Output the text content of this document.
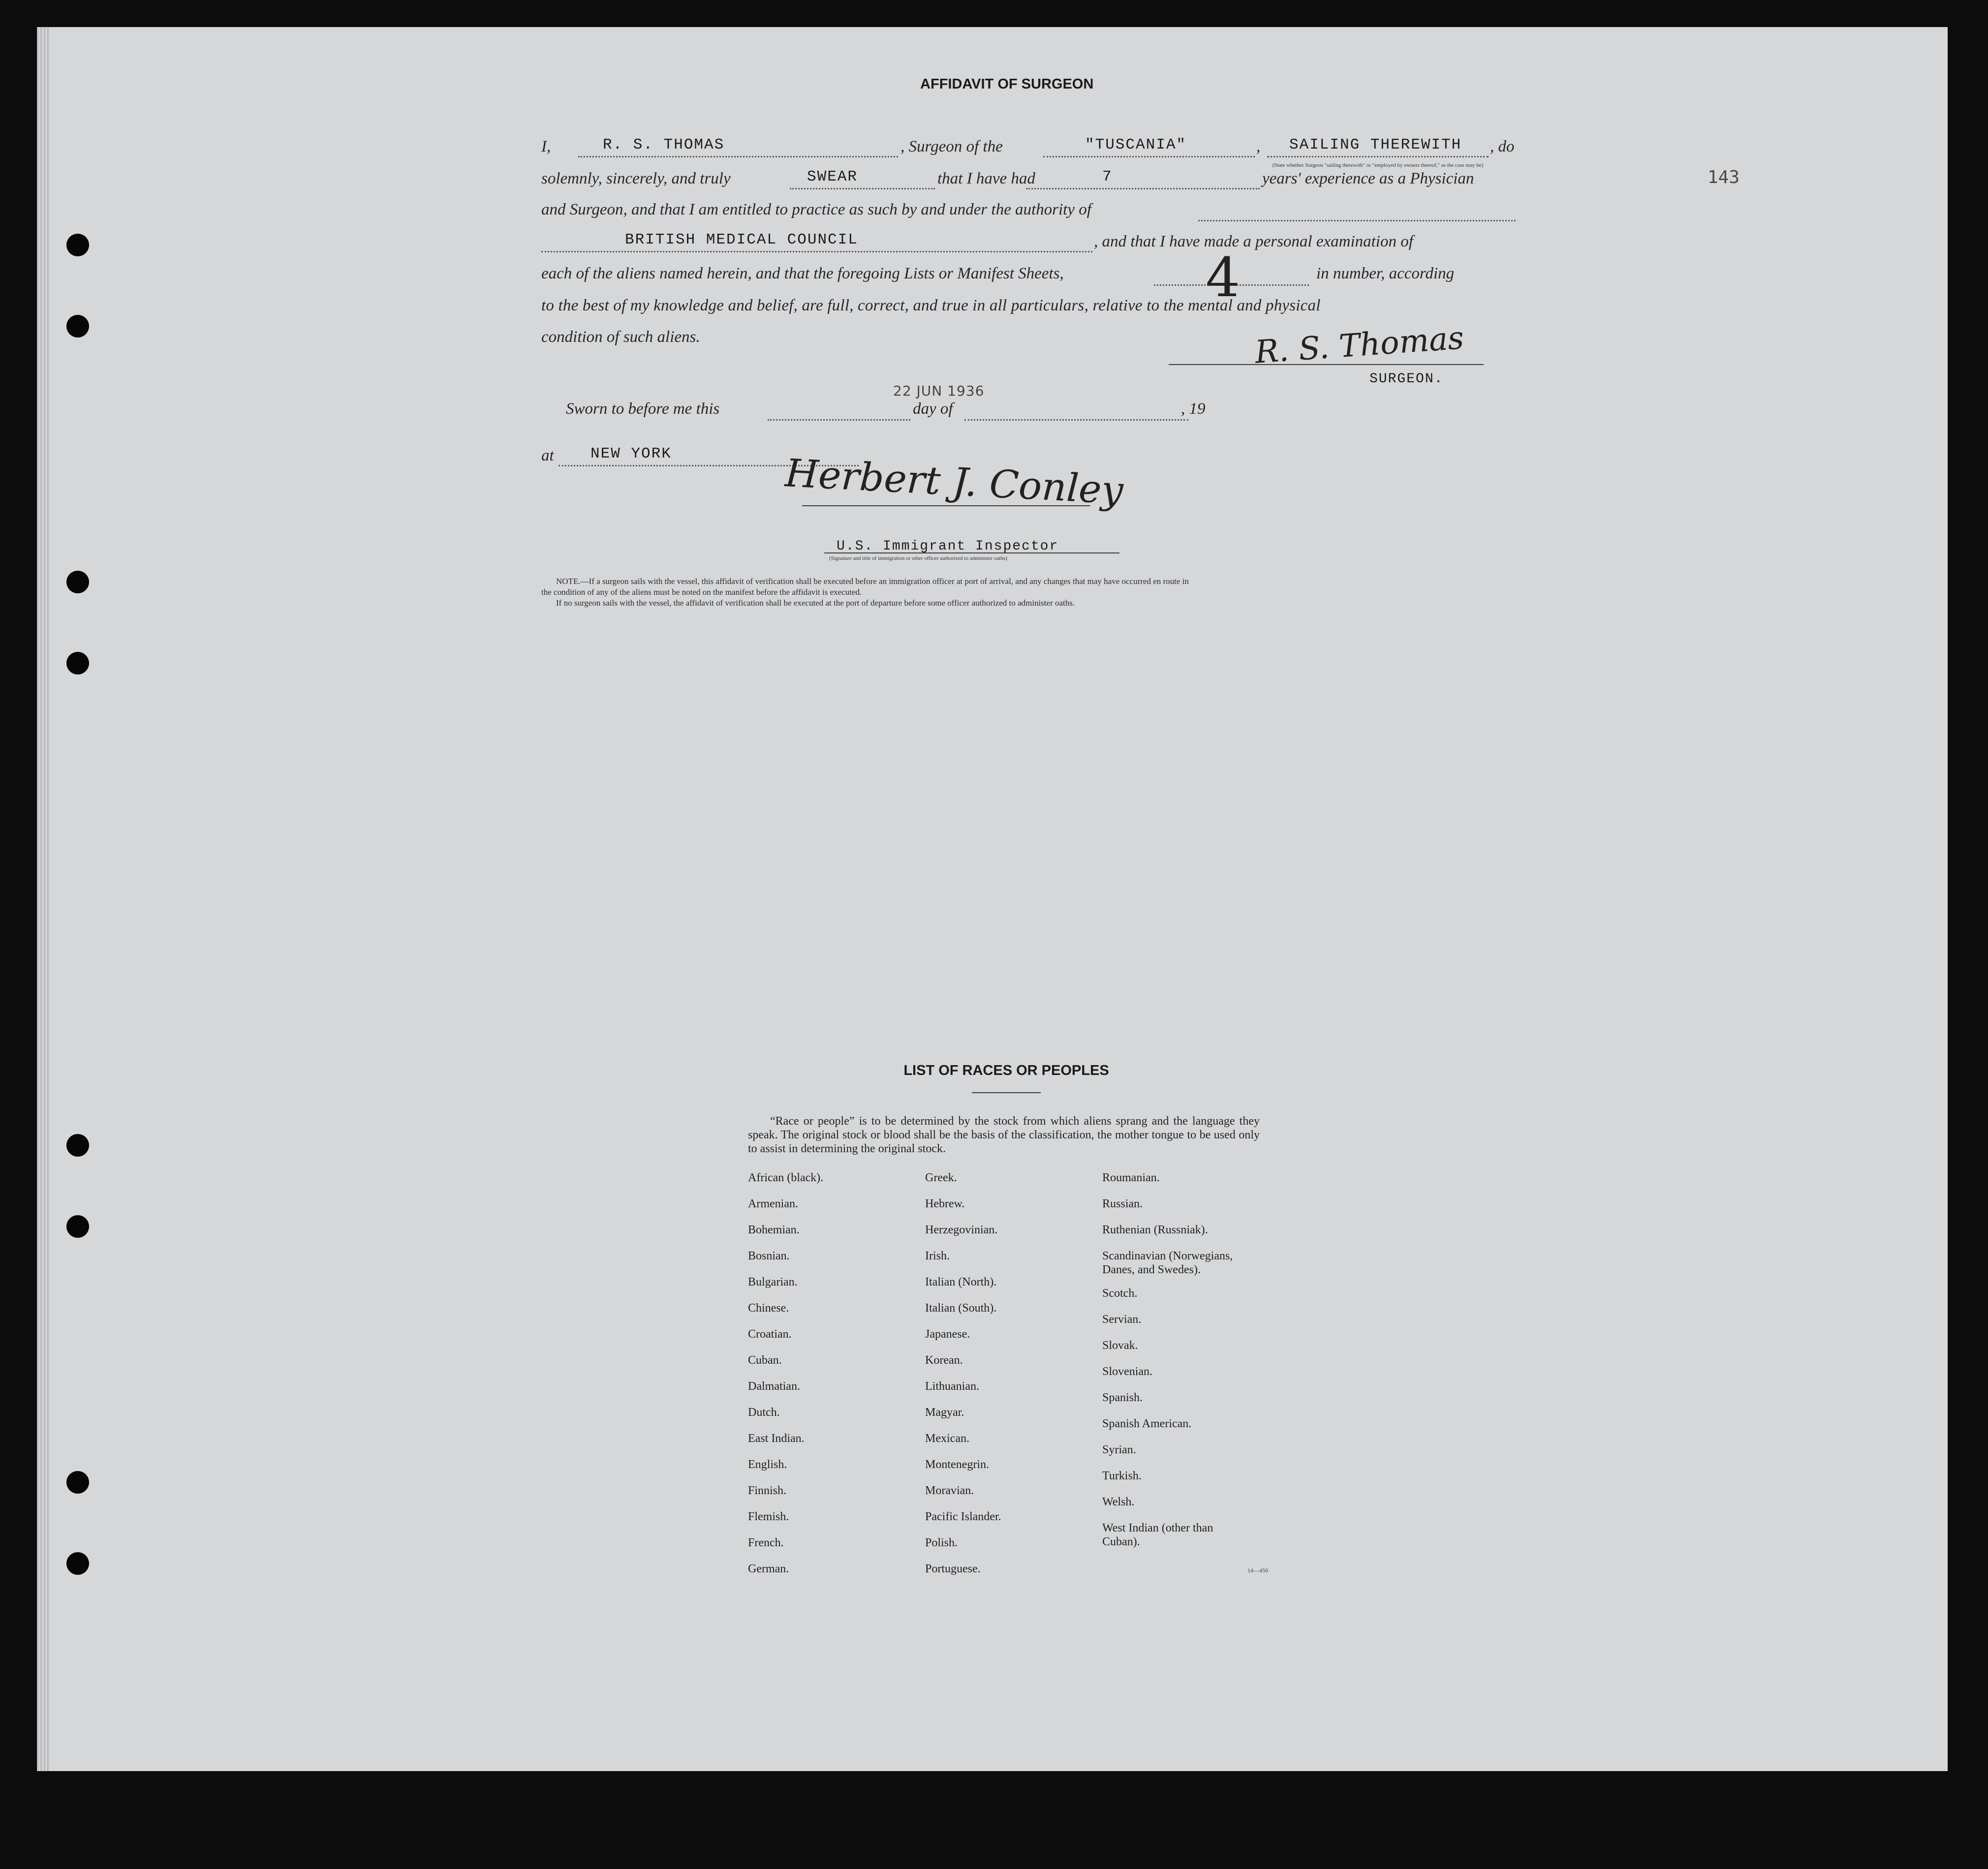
143
AFFIDAVIT OF SURGEON
I,	R. S. THOMAS	, Surgeon of the	"TUSCANIA"	, SAILING THEREWITH , do
(State whether Surgeon "sailing therewith" or "employed by owners thereof," as the case may be)
solemnly, sincerely, and truly	SWEAR	that I have had	7	years' experience as a Physician
and Surgeon, and that I am entitled to practice as such by and under the authority of
BRITISH MEDICAL COUNCIL	, and that I have made a personal examination of
each of the aliens named herein, and that the foregoing Lists or Manifest Sheets,	4	in number, according
to the best of my knowledge and belief, are full, correct, and true in all particulars, relative to the mental and physical
condition of such aliens.	R. S. Thomas
SURGEON.
Sworn to before me this
22 JUN 1936
day of	, 19
at NEW YORK	Herbert J. Conley
U.S. Immigrant Inspector
(Signature and title of immigration or other officer authorized to administer oaths)
NOTE.—If a surgeon sails with the vessel, this affidavit of verification shall be executed before an immigration officer at port of arrival, and any changes that may have occurred en route in
the condition of any of the aliens must be noted on the manifest before the affidavit is executed.
If no surgeon sails with the vessel, the affidavit of verification shall be executed at the port of departure before some officer authorized to administer oaths.
LIST OF RACES OR PEOPLES
“Race or people” is to be determined by the stock from which aliens sprang and the language they speak. The original stock or blood shall be the basis of the classification, the mother tongue to be used only to assist in determining the original stock.
African (black).
Armenian.
Bohemian.
Bosnian.
Bulgarian.
Chinese.
Croatian.
Cuban.
Dalmatian.
Dutch.
East Indian.
English.
Finnish.
Flemish.
French.
German.
Greek.
Hebrew.
Herzegovinian.
Irish.
Italian (North).
Italian (South).
Japanese.
Korean.
Lithuanian.
Magyar.
Mexican.
Montenegrin.
Moravian.
Pacific Islander.
Polish.
Portuguese.
Roumanian.
Russian.
Ruthenian (Russniak).
Scandinavian (Norwegians,
Danes, and Swedes).
Scotch.
Servian.
Slovak.
Slovenian.
Spanish.
Spanish American.
Syrian.
Turkish.
Welsh.
West Indian (other than
Cuban).
14—450
